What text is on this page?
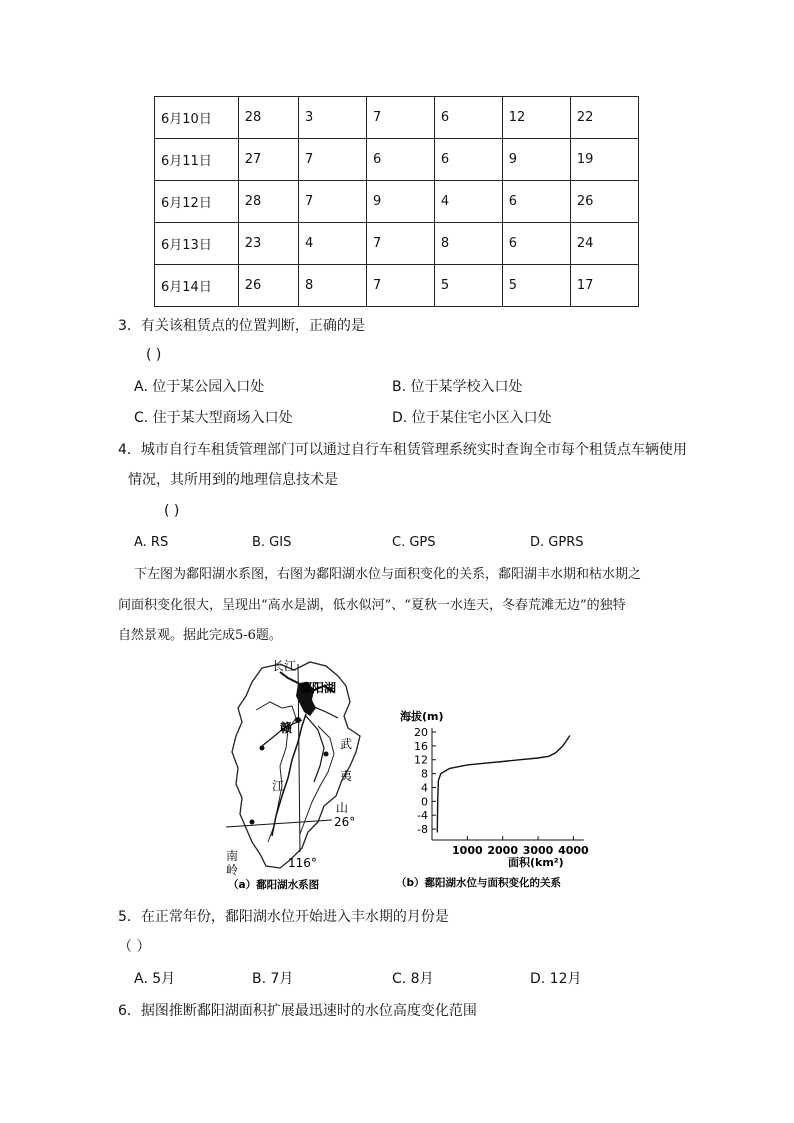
6月10日	28	3	7	6	12	22
6月11日	27	7	6	6	9	19
6月12日	28	7	9	4	6	26
6月13日	23	4	7	8	6	24
6月14日	26	8	7	5	5	17
3．有关该租赁点的位置判断，正确的是
( )
A. 位于某公园入口处	B. 位于某学校入口处
C. 住于某大型商场入口处	D. 位于某住宅小区入口处
4．城市自行车租赁管理部门可以通过自行车租赁管理系统实时查询全市每个租赁点车辆使用
情况，其所用到的地理信息技术是
( )
A. RS	B. GIS	C. GPS	D. GPRS
下左图为鄱阳湖水系图，右图为鄱阳湖水位与面积变化的关系，鄱阳湖丰水期和枯水期之
间面积变化很大，呈现出“高水是湖，低水似河”、“夏秋一水连天，冬春荒滩无边”的独特
自然景观。据此完成5-6题。
长江
鄱阳湖
赣
武
夷
山
江
26°
南
岭	116°
（a）鄱阳湖水系图
海拔(m)
20
16
12
8
4
0
-4
-8
1000 2000 3000 4000
面积(km²)
（b）鄱阳湖水位与面积变化的关系
5．在正常年份，鄱阳湖水位开始进入丰水期的月份是
（ ）
A. 5月	B. 7月	C. 8月	D. 12月
6．据图推断鄱阳湖面积扩展最迅速时的水位高度变化范围
